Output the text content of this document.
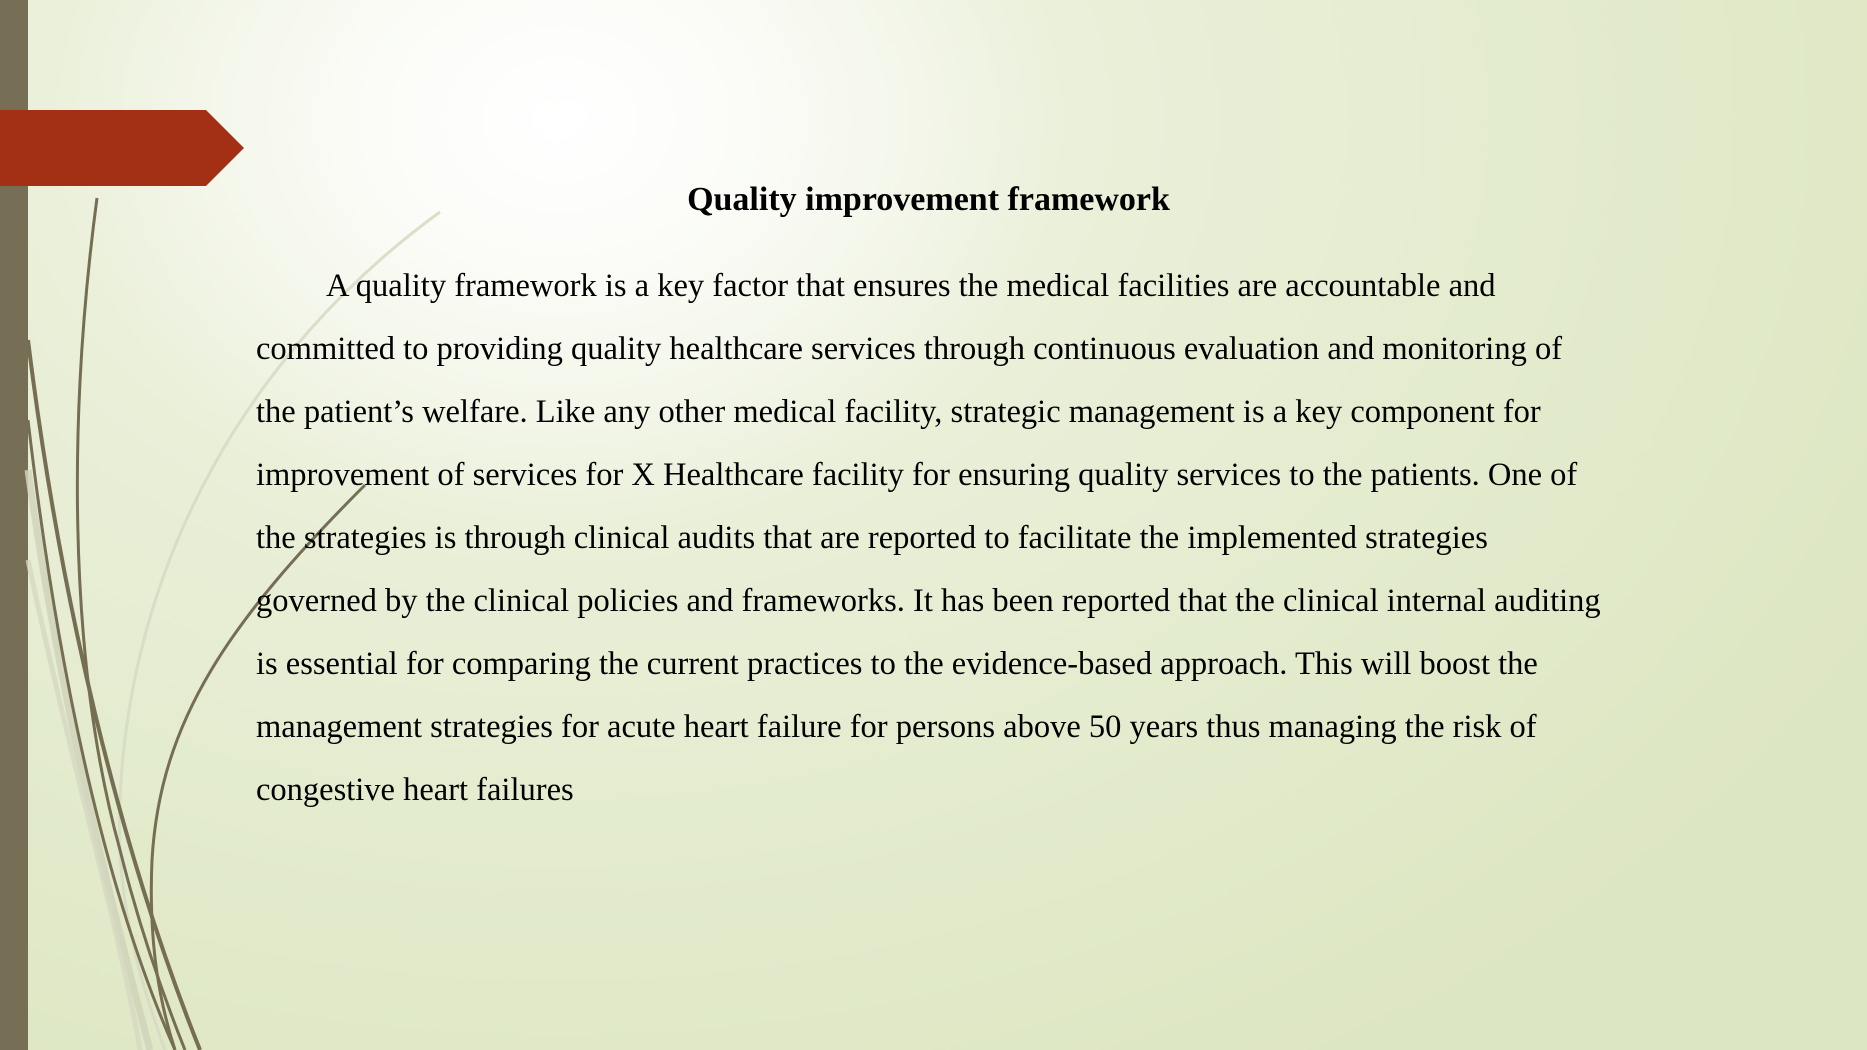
Quality improvement framework

A quality framework is a key factor that ensures the medical facilities are accountable and committed to providing quality healthcare services through continuous evaluation and monitoring of the patient’s welfare. Like any other medical facility, strategic management is a key component for improvement of services for X Healthcare facility for ensuring quality services to the patients. One of the strategies is through clinical audits that are reported to facilitate the implemented strategies governed by the clinical policies and frameworks. It has been reported that the clinical internal auditing is essential for comparing the current practices to the evidence-based approach. This will boost the management strategies for acute heart failure for persons above 50 years thus managing the risk of congestive heart failures
